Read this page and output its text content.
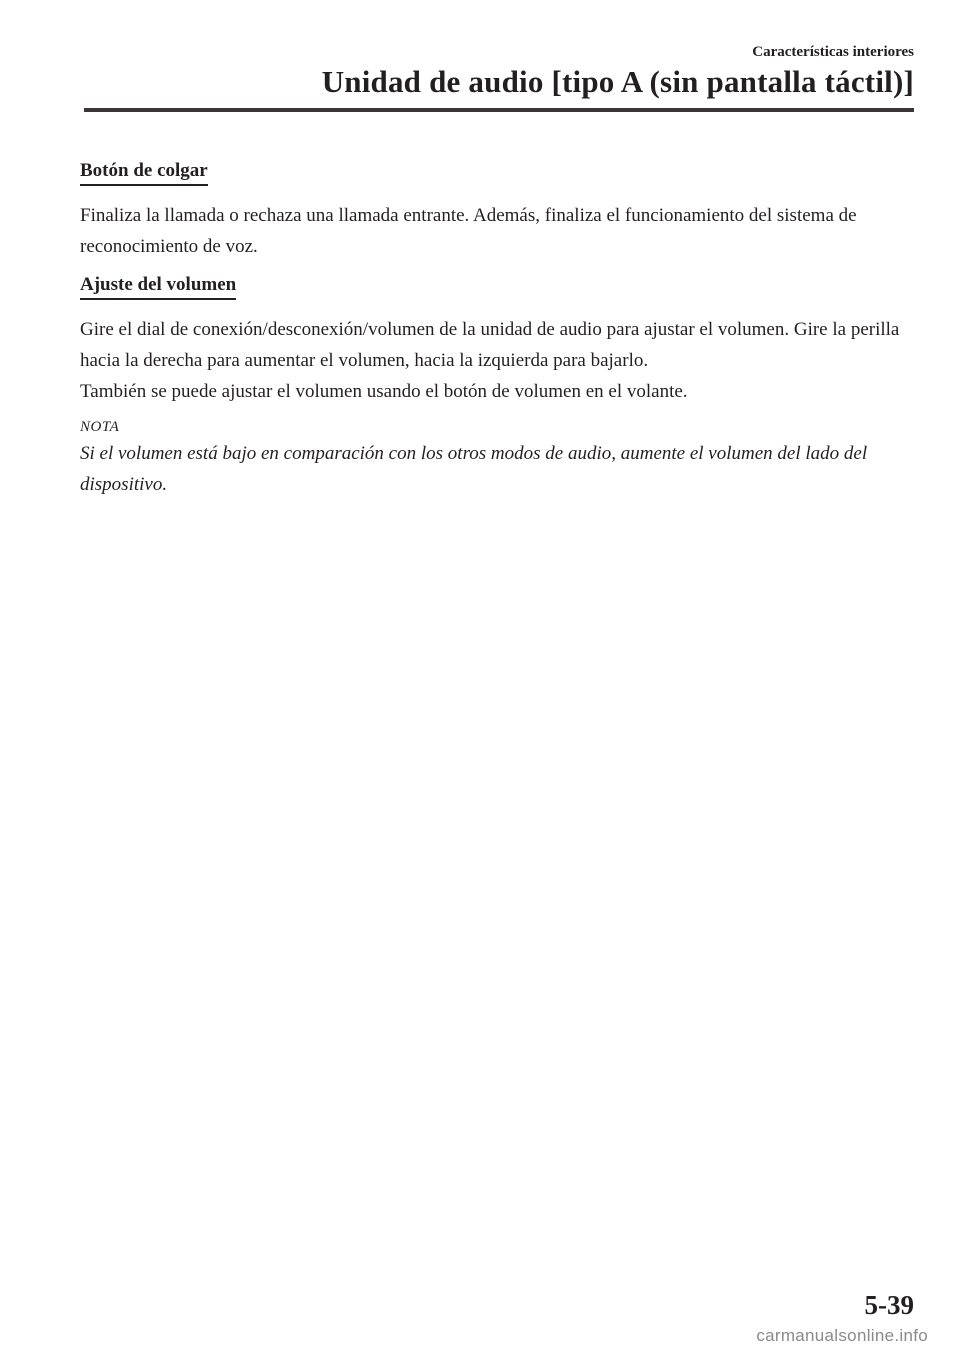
Características interiores
Unidad de audio [tipo A (sin pantalla táctil)]
Botón de colgar

Finaliza la llamada o rechaza una llamada entrante. Además, finaliza el funcionamiento del sistema de reconocimiento de voz.

Ajuste del volumen

Gire el dial de conexión/desconexión/volumen de la unidad de audio para ajustar el volumen. Gire la perilla hacia la derecha para aumentar el volumen, hacia la izquierda para bajarlo.

También se puede ajustar el volumen usando el botón de volumen en el volante.

NOTA

Si el volumen está bajo en comparación con los otros modos de audio, aumente el volumen del lado del dispositivo.

5-39
carmanualsonline.info
